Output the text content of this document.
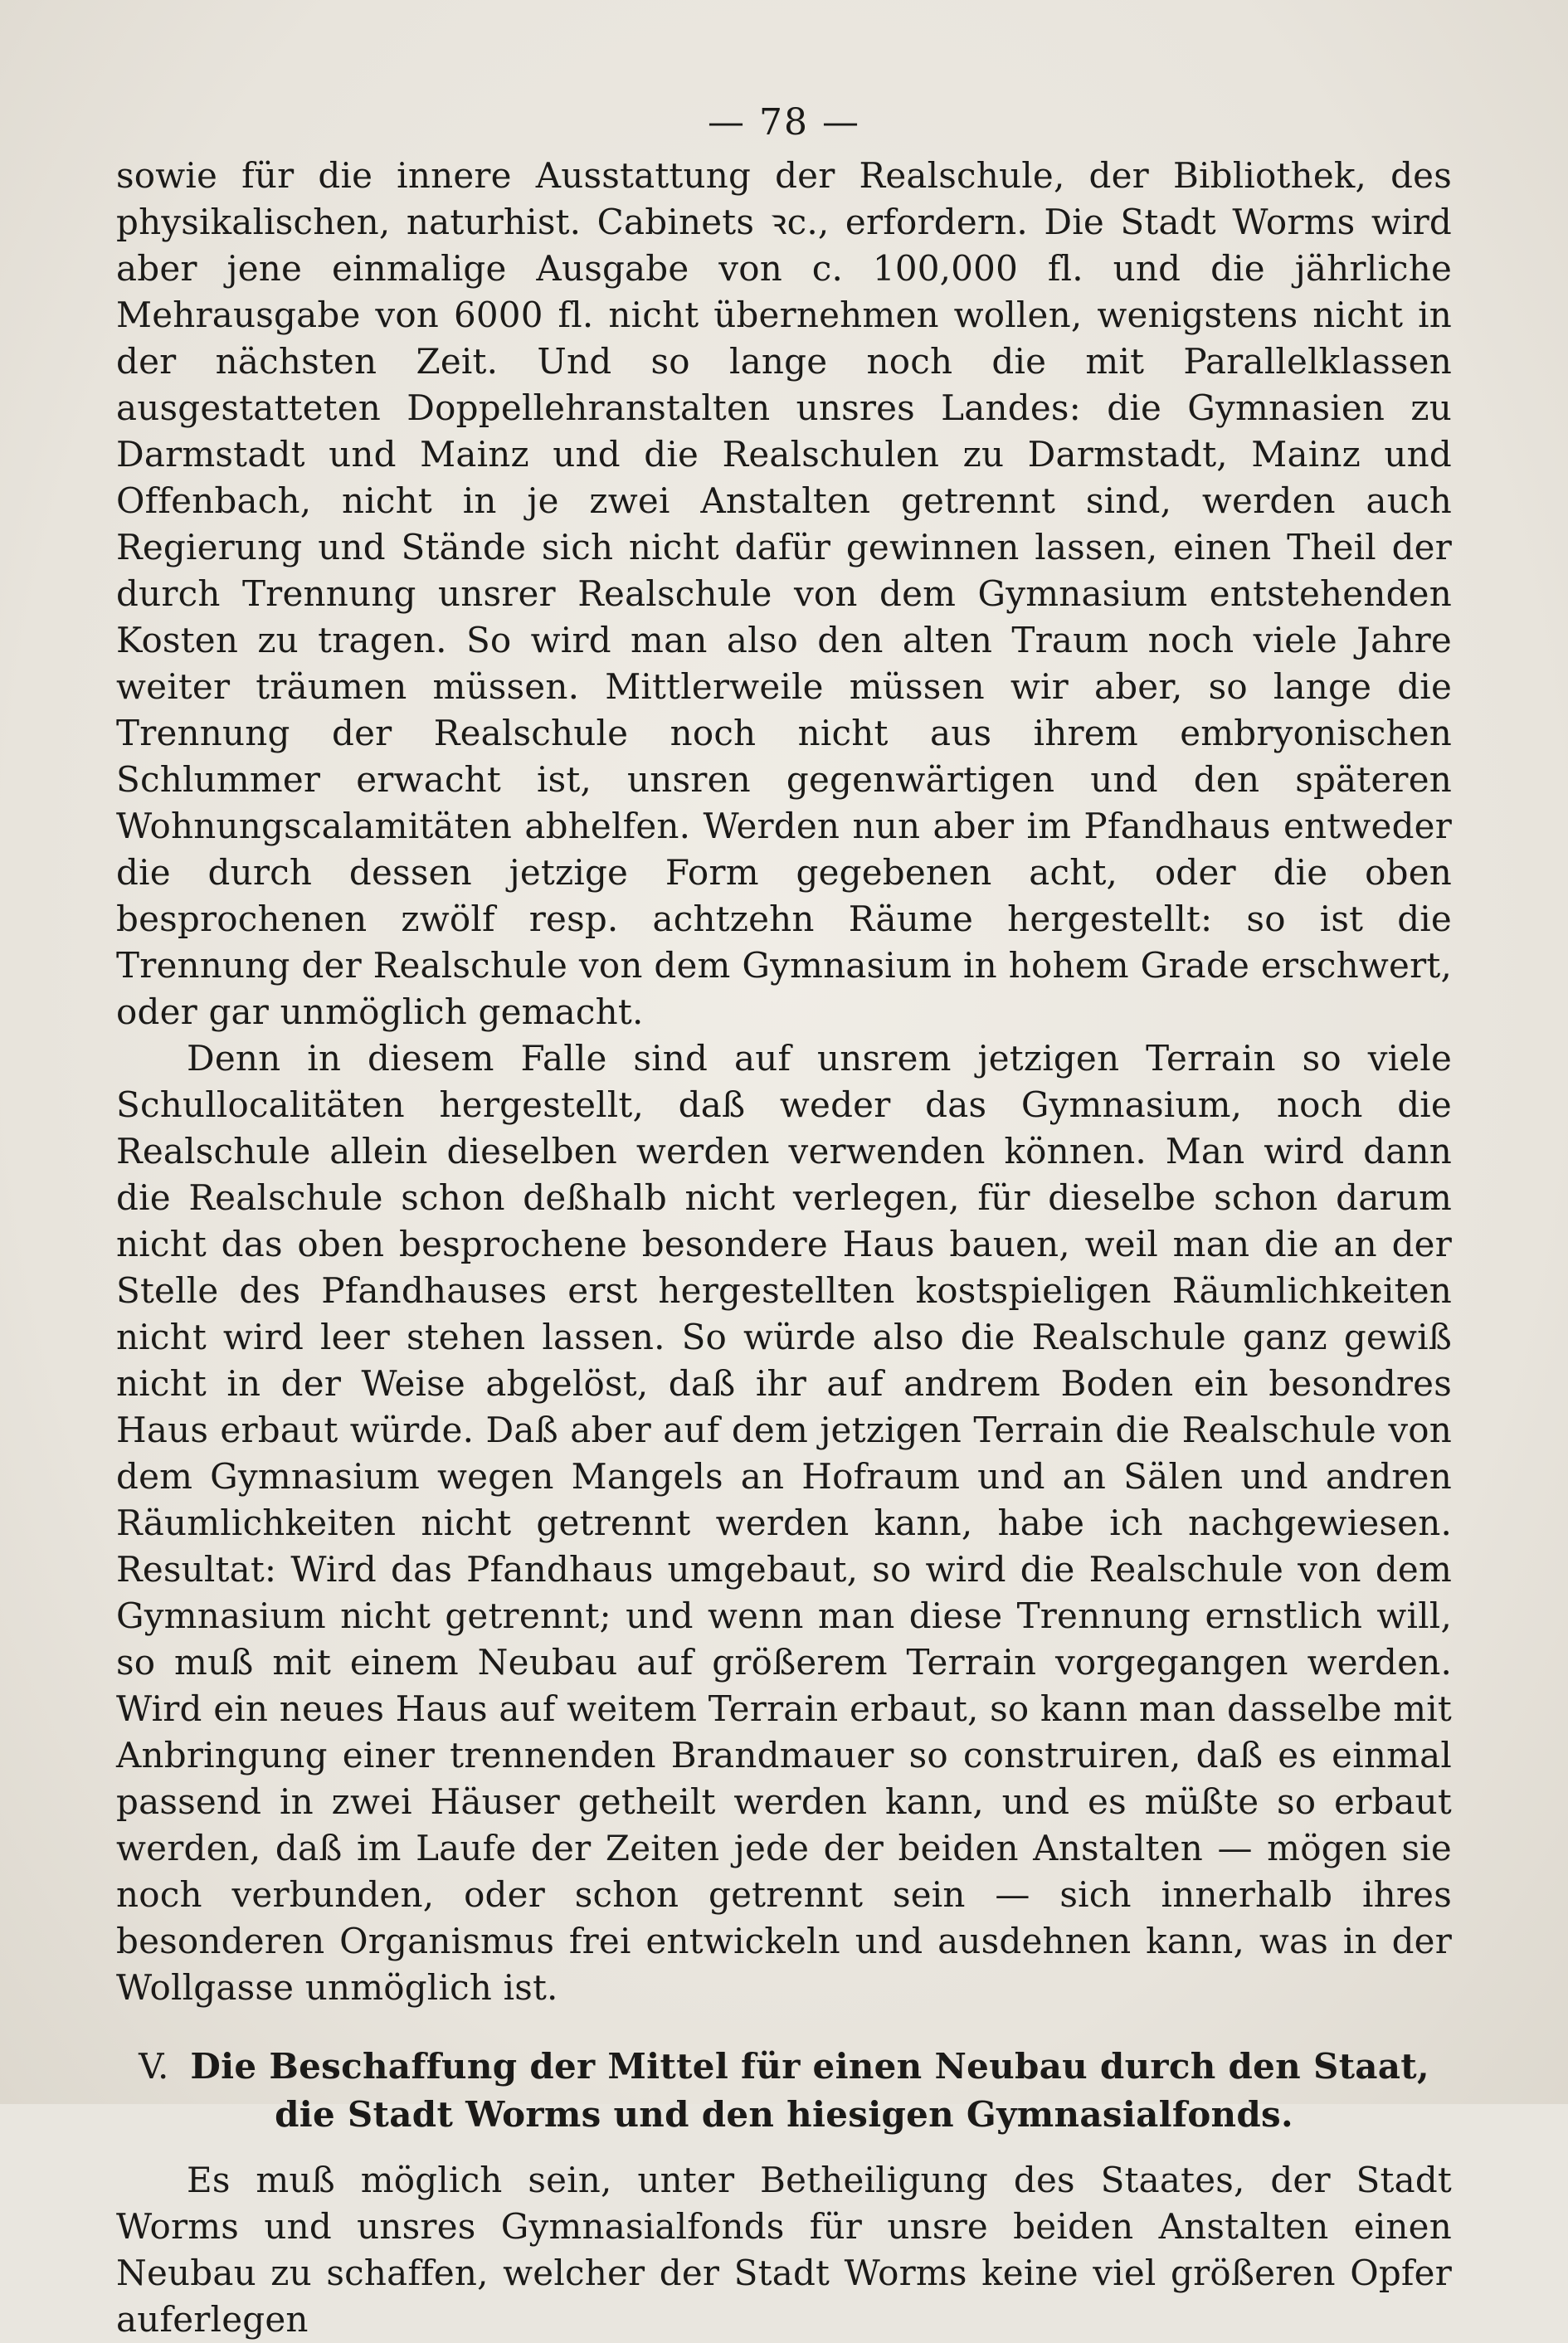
— 78 —

sowie für die innere Ausstattung der Realschule, der Bibliothek, des physikalischen, naturhist. Cabinets ꝛc., erfordern. Die Stadt Worms wird aber jene einmalige Ausgabe von c. 100,000 fl. und die jährliche Mehrausgabe von 6000 fl. nicht übernehmen wollen, wenigstens nicht in der nächsten Zeit. Und so lange noch die mit Parallelklassen ausgestatteten Doppellehranstalten unsres Landes: die Gymnasien zu Darmstadt und Mainz und die Realschulen zu Darmstadt, Mainz und Offenbach, nicht in je zwei Anstalten getrennt sind, werden auch Regierung und Stände sich nicht dafür gewinnen lassen, einen Theil der durch Trennung unsrer Realschule von dem Gymnasium entstehenden Kosten zu tragen. So wird man also den alten Traum noch viele Jahre weiter träumen müssen. Mittlerweile müssen wir aber, so lange die Trennung der Realschule noch nicht aus ihrem embryonischen Schlummer erwacht ist, unsren gegenwärtigen und den späteren Wohnungscalamitäten abhelfen. Werden nun aber im Pfandhaus entweder die durch dessen jetzige Form gegebenen acht, oder die oben besprochenen zwölf resp. achtzehn Räume hergestellt: so ist die Trennung der Realschule von dem Gymnasium in hohem Grade erschwert, oder gar unmöglich gemacht.

Denn in diesem Falle sind auf unsrem jetzigen Terrain so viele Schullocalitäten hergestellt, daß weder das Gymnasium, noch die Realschule allein dieselben werden verwenden können. Man wird dann die Realschule schon deßhalb nicht verlegen, für dieselbe schon darum nicht das oben besprochene besondere Haus bauen, weil man die an der Stelle des Pfandhauses erst hergestellten kostspieligen Räumlichkeiten nicht wird leer stehen lassen. So würde also die Realschule ganz gewiß nicht in der Weise abgelöst, daß ihr auf andrem Boden ein besondres Haus erbaut würde. Daß aber auf dem jetzigen Terrain die Realschule von dem Gymnasium wegen Mangels an Hofraum und an Sälen und andren Räumlichkeiten nicht getrennt werden kann, habe ich nachgewiesen. Resultat: Wird das Pfandhaus umgebaut, so wird die Realschule von dem Gymnasium nicht getrennt; und wenn man diese Trennung ernstlich will, so muß mit einem Neubau auf größerem Terrain vorgegangen werden. Wird ein neues Haus auf weitem Terrain erbaut, so kann man dasselbe mit Anbringung einer trennenden Brandmauer so construiren, daß es einmal passend in zwei Häuser getheilt werden kann, und es müßte so erbaut werden, daß im Laufe der Zeiten jede der beiden Anstalten — mögen sie noch verbunden, oder schon getrennt sein — sich innerhalb ihres besonderen Organismus frei entwickeln und ausdehnen kann, was in der Wollgasse unmöglich ist.

V. Die Beschaffung der Mittel für einen Neubau durch den Staat, die Stadt Worms und den hiesigen Gymnasialfonds.

Es muß möglich sein, unter Betheiligung des Staates, der Stadt Worms und unsres Gymnasialfonds für unsre beiden Anstalten einen Neubau zu schaffen, welcher der Stadt Worms keine viel größeren Opfer auferlegen
